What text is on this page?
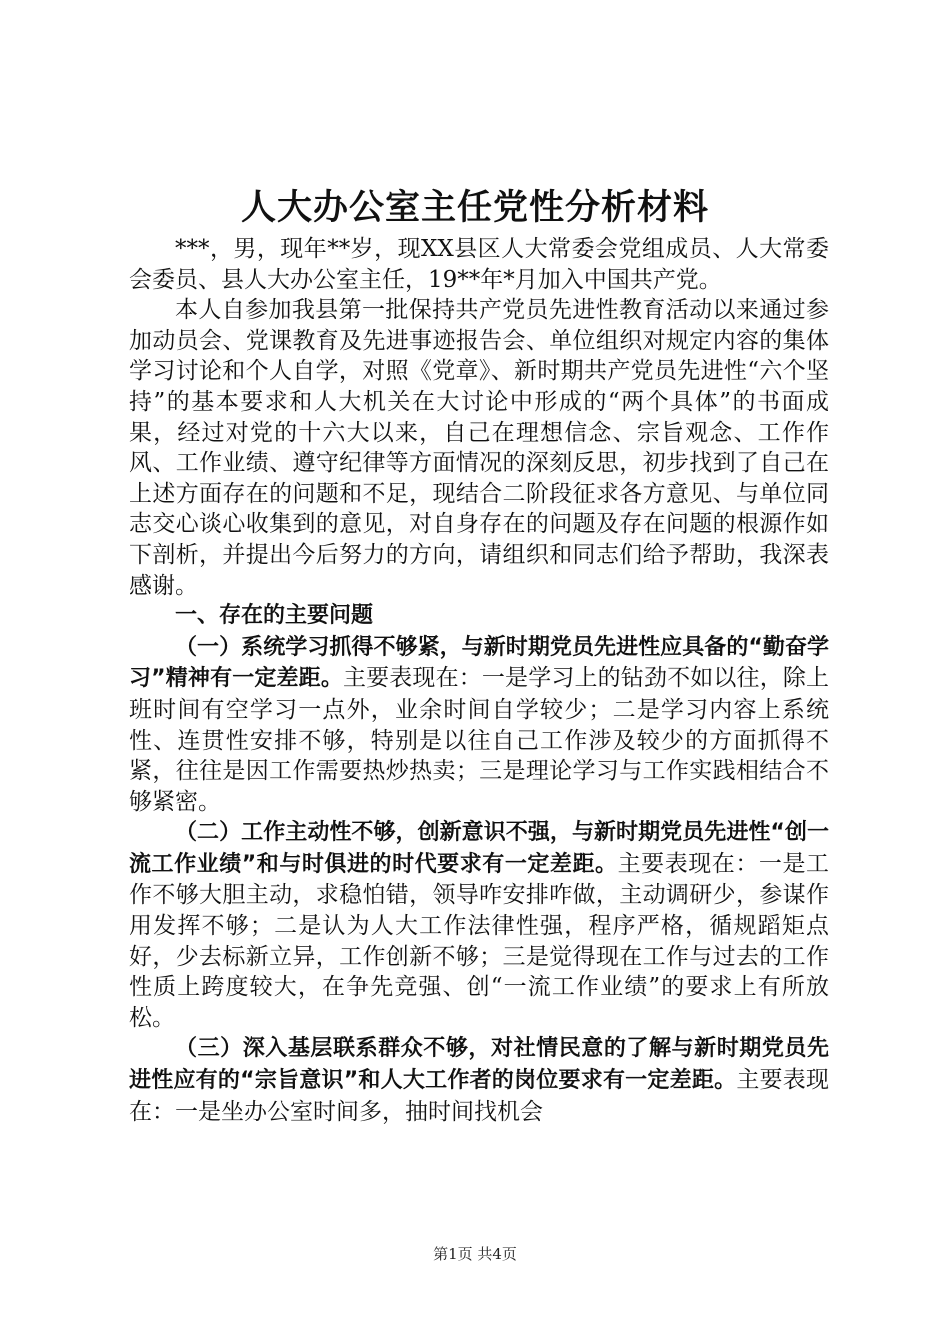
人大办公室主任党性分析材料

***，男，现年**岁，现XX县区人大常委会党组成员、人大常委会委员、县人大办公室主任，19**年*月加入中国共产党。

本人自参加我县第一批保持共产党员先进性教育活动以来通过参加动员会、党课教育及先进事迹报告会、单位组织对规定内容的集体学习讨论和个人自学，对照《党章》、新时期共产党员先进性“六个坚持”的基本要求和人大机关在大讨论中形成的“两个具体”的书面成果，经过对党的十六大以来，自己在理想信念、宗旨观念、工作作风、工作业绩、遵守纪律等方面情况的深刻反思，初步找到了自己在上述方面存在的问题和不足，现结合二阶段征求各方意见、与单位同志交心谈心收集到的意见，对自身存在的问题及存在问题的根源作如下剖析，并提出今后努力的方向，请组织和同志们给予帮助，我深表感谢。

一、存在的主要问题

（一）系统学习抓得不够紧，与新时期党员先进性应具备的“勤奋学习”精神有一定差距。主要表现在：一是学习上的钻劲不如以往，除上班时间有空学习一点外，业余时间自学较少；二是学习内容上系统性、连贯性安排不够，特别是以往自己工作涉及较少的方面抓得不紧，往往是因工作需要热炒热卖；三是理论学习与工作实践相结合不够紧密。

（二）工作主动性不够，创新意识不强，与新时期党员先进性“创一流工作业绩”和与时俱进的时代要求有一定差距。主要表现在：一是工作不够大胆主动，求稳怕错，领导咋安排咋做，主动调研少，参谋作用发挥不够；二是认为人大工作法律性强，程序严格，循规蹈矩点好，少去标新立异，工作创新不够；三是觉得现在工作与过去的工作性质上跨度较大，在争先竞强、创“一流工作业绩”的要求上有所放松。

（三）深入基层联系群众不够，对社情民意的了解与新时期党员先进性应有的“宗旨意识”和人大工作者的岗位要求有一定差距。主要表现在：一是坐办公室时间多，抽时间找机会

第1页 共4页
